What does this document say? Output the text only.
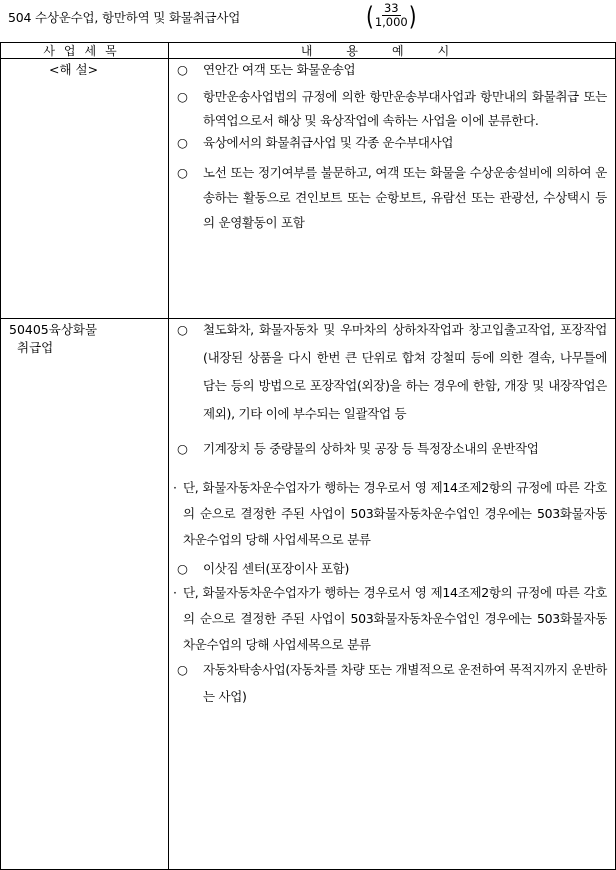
504 수상운수업, 항만하역 및 화물취급사업	( $\frac{33}{1,000}$ )
사업세목	내용예시
<해 설>	○	연안간 여객 또는 화물운송업
○	항만운송사업법의 규정에 의한 항만운송부대사업과 항만내의 화물취급 또는 하역업으로서 해상 및 육상작업에 속하는 사업을 이에 분류한다.
○	육상에서의 화물취급사업 및 각종 운수부대사업
○	노선 또는 정기여부를 불문하고, 여객 또는 화물을 수상운송설비에 의하여 운송하는 활동으로 견인보트 또는 순항보트, 유람선 또는 관광선, 수상택시 등의 운영활동이 포함
50405육상화물
취급업
○	철도화차, 화물자동차 및 우마차의 상하차작업과 창고입출고작업, 포장작업(내장된 상품을 다시 한번 큰 단위로 합쳐 강철띠 등에 의한 결속, 나무틀에 담는 등의 방법으로 포장작업(외장)을 하는 경우에 한함, 개장 및 내장작업은 제외), 기타 이에 부수되는 일괄작업 등
○	기계장치 등 중량물의 상하차 및 공장 등 특정장소내의 운반작업
· 단, 화물자동차운수업자가 행하는 경우로서 영 제14조제2항의 규정에 따른 각호의 순으로 결정한 주된 사업이 503화물자동차운수업인 경우에는 503화물자동차운수업의 당해 사업세목으로 분류
○	이삿짐 센터(포장이사 포함)
· 단, 화물자동차운수업자가 행하는 경우로서 영 제14조제2항의 규정에 따른 각호의 순으로 결정한 주된 사업이 503화물자동차운수업인 경우에는 503화물자동차운수업의 당해 사업세목으로 분류
○	자동차탁송사업(자동차를 차량 또는 개별적으로 운전하여 목적지까지 운반하는 사업)
